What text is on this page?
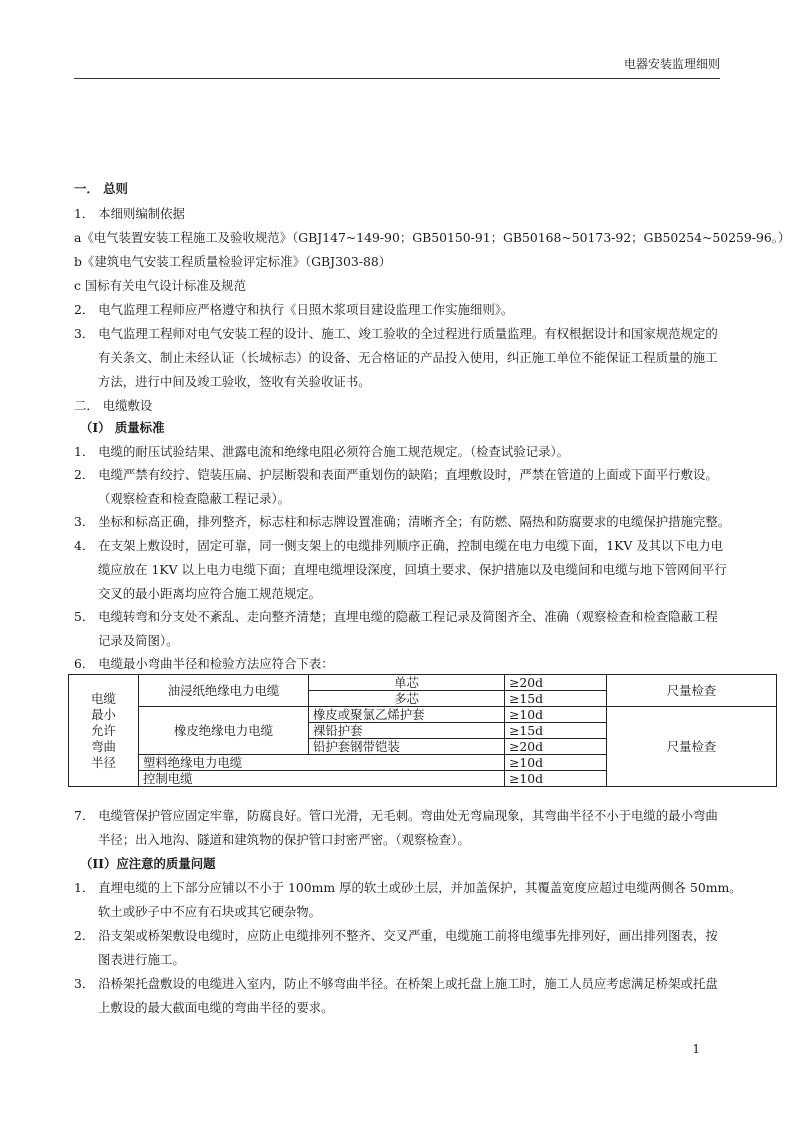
电器安装监理细则
一． 总则
1． 本细则编制依据
a《电气装置安装工程施工及验收规范》（GBJ147~149-90；GB50150-91；GB50168~50173-92；GB50254~50259-96。）
b《建筑电气安装工程质量检验评定标准》（GBJ303-88）
c 国标有关电气设计标准及规范
2． 电气监理工程师应严格遵守和执行《日照木浆项目建设监理工作实施细则》。
3． 电气监理工程师对电气安装工程的设计、施工、竣工验收的全过程进行质量监理。有权根据设计和国家规范规定的
有关条文、制止未经认证（长城标志）的设备、无合格证的产品投入使用，纠正施工单位不能保证工程质量的施工
方法，进行中间及竣工验收，签收有关验收证书。
二． 电缆敷设
（I） 质量标准
1． 电缆的耐压试验结果、泄露电流和绝缘电阻必须符合施工规范规定。（检查试验记录）。
2． 电缆严禁有绞拧、铠装压扁、护层断裂和表面严重划伤的缺陷；直埋敷设时，严禁在管道的上面或下面平行敷设。
（观察检查和检查隐蔽工程记录）。
3． 坐标和标高正确，排列整齐，标志柱和标志牌设置准确；清晰齐全；有防燃、隔热和防腐要求的电缆保护措施完整。
4． 在支架上敷设时，固定可靠，同一侧支架上的电缆排列顺序正确，控制电缆在电力电缆下面，1KV 及其以下电力电
缆应放在 1KV 以上电力电缆下面；直埋电缆埋设深度，回填土要求、保护措施以及电缆间和电缆与地下管网间平行
交叉的最小距离均应符合施工规范规定。
5． 电缆转弯和分支处不紊乱、走向整齐清楚；直埋电缆的隐蔽工程记录及简图齐全、准确（观察检查和检查隐蔽工程
记录及简图）。
6． 电缆最小弯曲半径和检验方法应符合下表：
电缆
最小
允许
弯曲
半径	油浸纸绝缘电力电缆	单芯	≥20d	尺量检查
		多芯	≥15d	
	橡皮绝缘电力电缆	橡皮或聚氯乙烯护套	≥10d	尺量检查
		裸铅护套	≥15d	
		铅护套钢带铠装	≥20d	
	塑料绝缘电力电缆		≥10d	
	控制电缆		≥10d	
7． 电缆管保护管应固定牢靠，防腐良好。管口光滑，无毛刺。弯曲处无弯扁现象，其弯曲半径不小于电缆的最小弯曲
半径；出入地沟、隧道和建筑物的保护管口封密严密。（观察检查）。
（II）应注意的质量问题
1． 直埋电缆的上下部分应铺以不小于 100mm 厚的软土或砂土层，并加盖保护，其覆盖宽度应超过电缆两侧各 50mm。
软土或砂子中不应有石块或其它硬杂物。
2． 沿支架或桥架敷设电缆时，应防止电缆排列不整齐、交叉严重，电缆施工前将电缆事先排列好，画出排列图表，按
图表进行施工。
3． 沿桥架托盘敷设的电缆进入室内，防止不够弯曲半径。在桥架上或托盘上施工时，施工人员应考虑满足桥架或托盘
上敷设的最大截面电缆的弯曲半径的要求。
1
